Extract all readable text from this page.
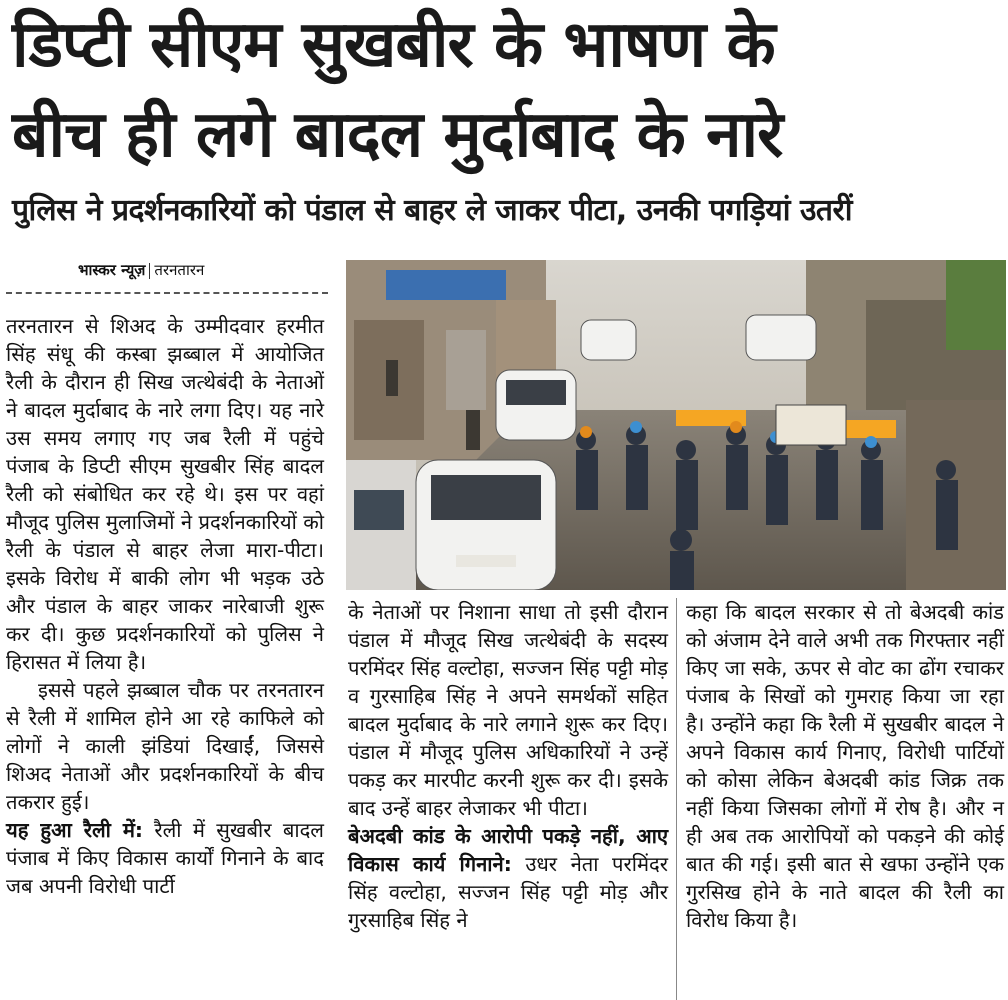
डिप्टी सीएम सुखबीर के भाषण के
बीच ही लगे बादल मुर्दाबाद के नारे
पुलिस ने प्रदर्शनकारियों को पंडाल से बाहर ले जाकर पीटा, उनकी पगड़ियां उतरीं
भास्कर न्यूज़ तरनतारन

तरनतारन से शिअद के उम्मीदवार हरमीत सिंह संधू की कस्बा झब्बाल में आयोजित रैली के दौरान ही सिख जत्थेबंदी के नेताओं ने बादल मुर्दाबाद के नारे लगा दिए। यह नारे उस समय लगाए गए जब रैली में पहुंचे पंजाब के डिप्टी सीएम सुखबीर सिंह बादल रैली को संबोधित कर रहे थे। इस पर वहां मौजूद पुलिस मुलाजिमों ने प्रदर्शनकारियों को रैली के पंडाल से बाहर लेजा मारा-पीटा। इसके विरोध में बाकी लोग भी भड़क उठे और पंडाल के बाहर जाकर नारेबाजी शुरू कर दी। कुछ प्रदर्शनकारियों को पुलिस ने हिरासत में लिया है।

इससे पहले झब्बाल चौक पर तरनतारन से रैली में शामिल होने आ रहे काफिले को लोगों ने काली झंडियां दिखाईं, जिससे शिअद नेताओं और प्रदर्शनकारियों के बीच तकरार हुई।

यह हुआ रैली में: रैली में सुखबीर बादल पंजाब में किए विकास कार्यों गिनाने के बाद जब अपनी विरोधी पार्टी

के नेताओं पर निशाना साधा तो इसी दौरान पंडाल में मौजूद सिख जत्थेबंदी के सदस्य परमिंदर सिंह वल्टोहा, सज्जन सिंह पट्टी मोड़ व गुरसाहिब सिंह ने अपने समर्थकों सहित बादल मुर्दाबाद के नारे लगाने शुरू कर दिए। पंडाल में मौजूद पुलिस अधिकारियों ने उन्हें पकड़ कर मारपीट करनी शुरू कर दी। इसके बाद उन्हें बाहर लेजाकर भी पीटा।

बेअदबी कांड के आरोपी पकड़े नहीं, आए विकास कार्य गिनाने: उधर नेता परमिंदर सिंह वल्टोहा, सज्जन सिंह पट्टी मोड़ और गुरसाहिब सिंह ने

कहा कि बादल सरकार से तो बेअदबी कांड को अंजाम देने वाले अभी तक गिरफ्तार नहीं किए जा सके, ऊपर से वोट का ढोंग रचाकर पंजाब के सिखों को गुमराह किया जा रहा है। उन्होंने कहा कि रैली में सुखबीर बादल ने अपने विकास कार्य गिनाए, विरोधी पार्टियों को कोसा लेकिन बेअदबी कांड जिक्र तक नहीं किया जिसका लोगों में रोष है। और न ही अब तक आरोपियों को पकड़ने की कोई बात की गई। इसी बात से खफा उन्होंने एक गुरसिख होने के नाते बादल की रैली का विरोध किया है।
